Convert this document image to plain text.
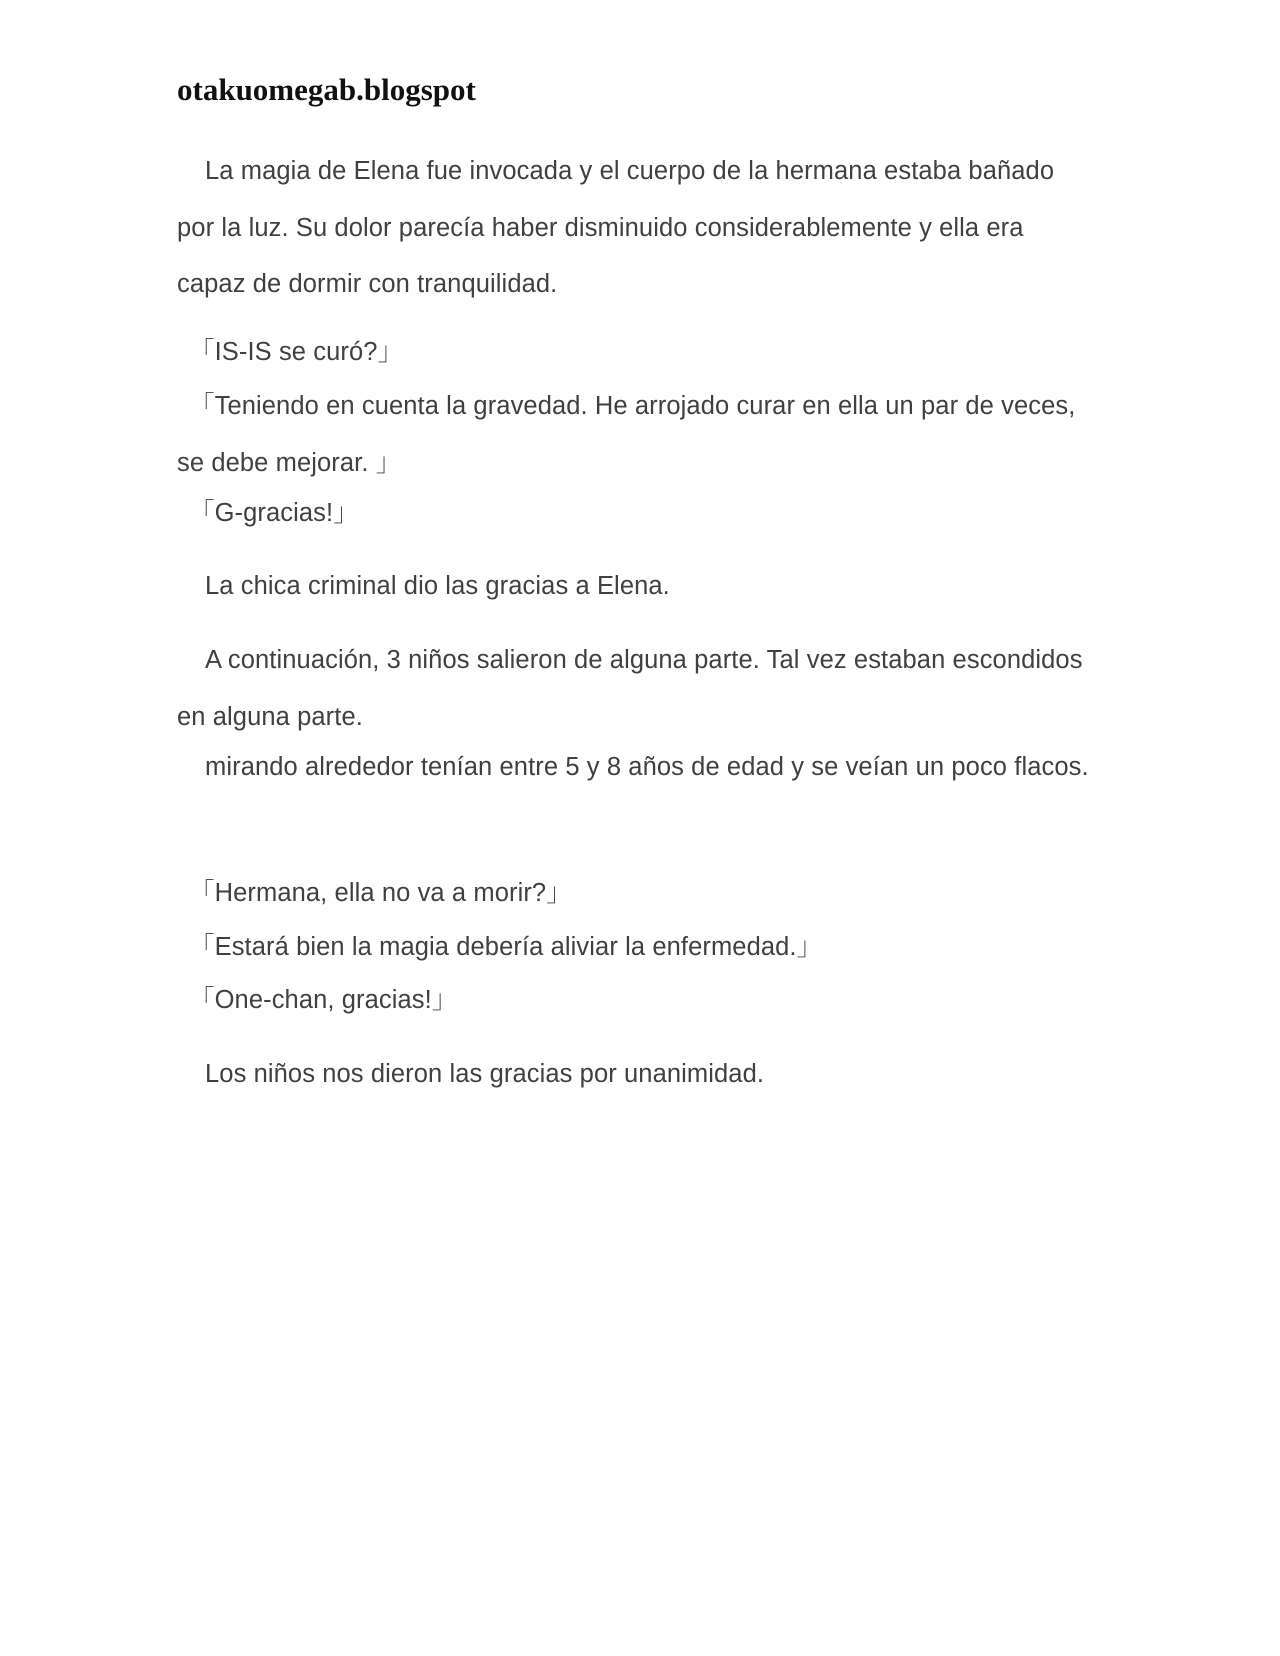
otakuomegab.blogspot

La magia de Elena fue invocada y el cuerpo de la hermana estaba bañado por la luz. Su dolor parecía haber disminuido considerablemente y ella era capaz de dormir con tranquilidad.

「IS-IS se curó?」

「Teniendo en cuenta la gravedad. He arrojado curar en ella un par de veces, se debe mejorar. 」

「G-gracias!」

La chica criminal dio las gracias a Elena.

A continuación, 3 niños salieron de alguna parte. Tal vez estaban escondidos en alguna parte.

mirando alrededor tenían entre 5 y 8 años de edad y se veían un poco flacos.

「Hermana, ella no va a morir?」

「Estará bien la magia debería aliviar la enfermedad.」

「One-chan, gracias!」

Los niños nos dieron las gracias por unanimidad.
